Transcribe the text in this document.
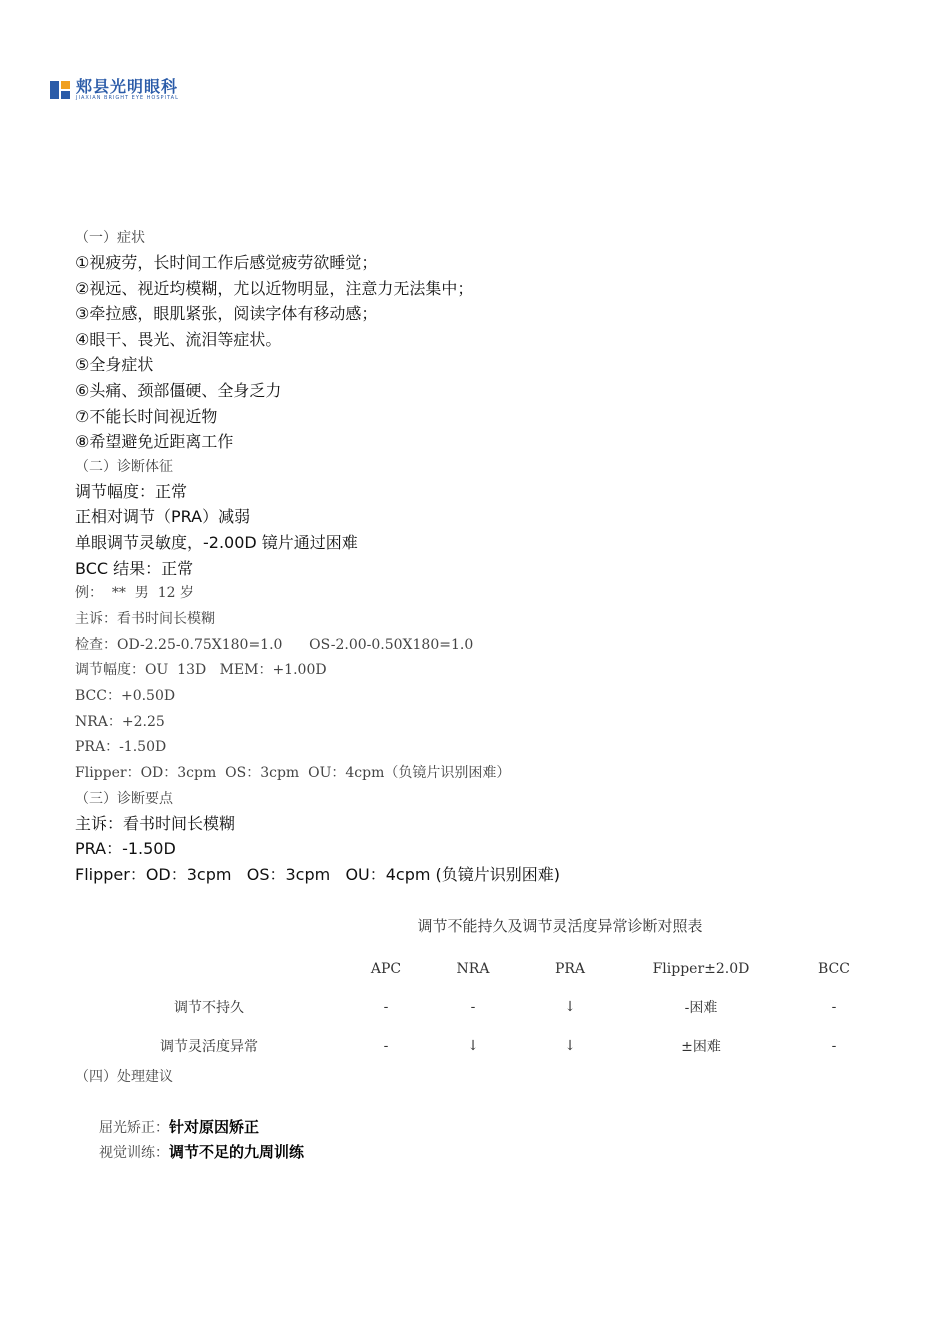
郏县光明眼科
JIAXIAN BRIGHT EYE HOSPITAL
（一）症状
①视疲劳，长时间工作后感觉疲劳欲睡觉；
②视远、视近均模糊，尤以近物明显，注意力无法集中；
③牵拉感，眼肌紧张，阅读字体有移动感；
④眼干、畏光、流泪等症状。
⑤全身症状
⑥头痛、颈部僵硬、全身乏力
⑦不能长时间视近物
⑧希望避免近距离工作
（二）诊断体征
调节幅度：正常
正相对调节（PRA）减弱
单眼调节灵敏度，-2.00D 镜片通过困难
BCC 结果：正常
例：  **  男  12 岁
主诉：看书时间长模糊
检查：OD-2.25-0.75X180=1.0      OS-2.00-0.50X180=1.0
调节幅度：OU  13D   MEM：+1.00D
BCC：+0.50D
NRA：+2.25
PRA：-1.50D
Flipper：OD：3cpm  OS：3cpm  OU：4cpm（负镜片识别困难）
（三）诊断要点
主诉：看书时间长模糊
PRA：-1.50D
Flipper：OD：3cpm   OS：3cpm   OU：4cpm (负镜片识别困难)
调节不能持久及调节灵活度异常诊断对照表
	APC	NRA	PRA	Flipper±2.0D	BCC
调节不持久	-	-	↓	-困难	-
调节灵活度异常	-	↓	↓	±困难	-
（四）处理建议

屈光矫正：针对原因矫正

视觉训练：调节不足的九周训练
